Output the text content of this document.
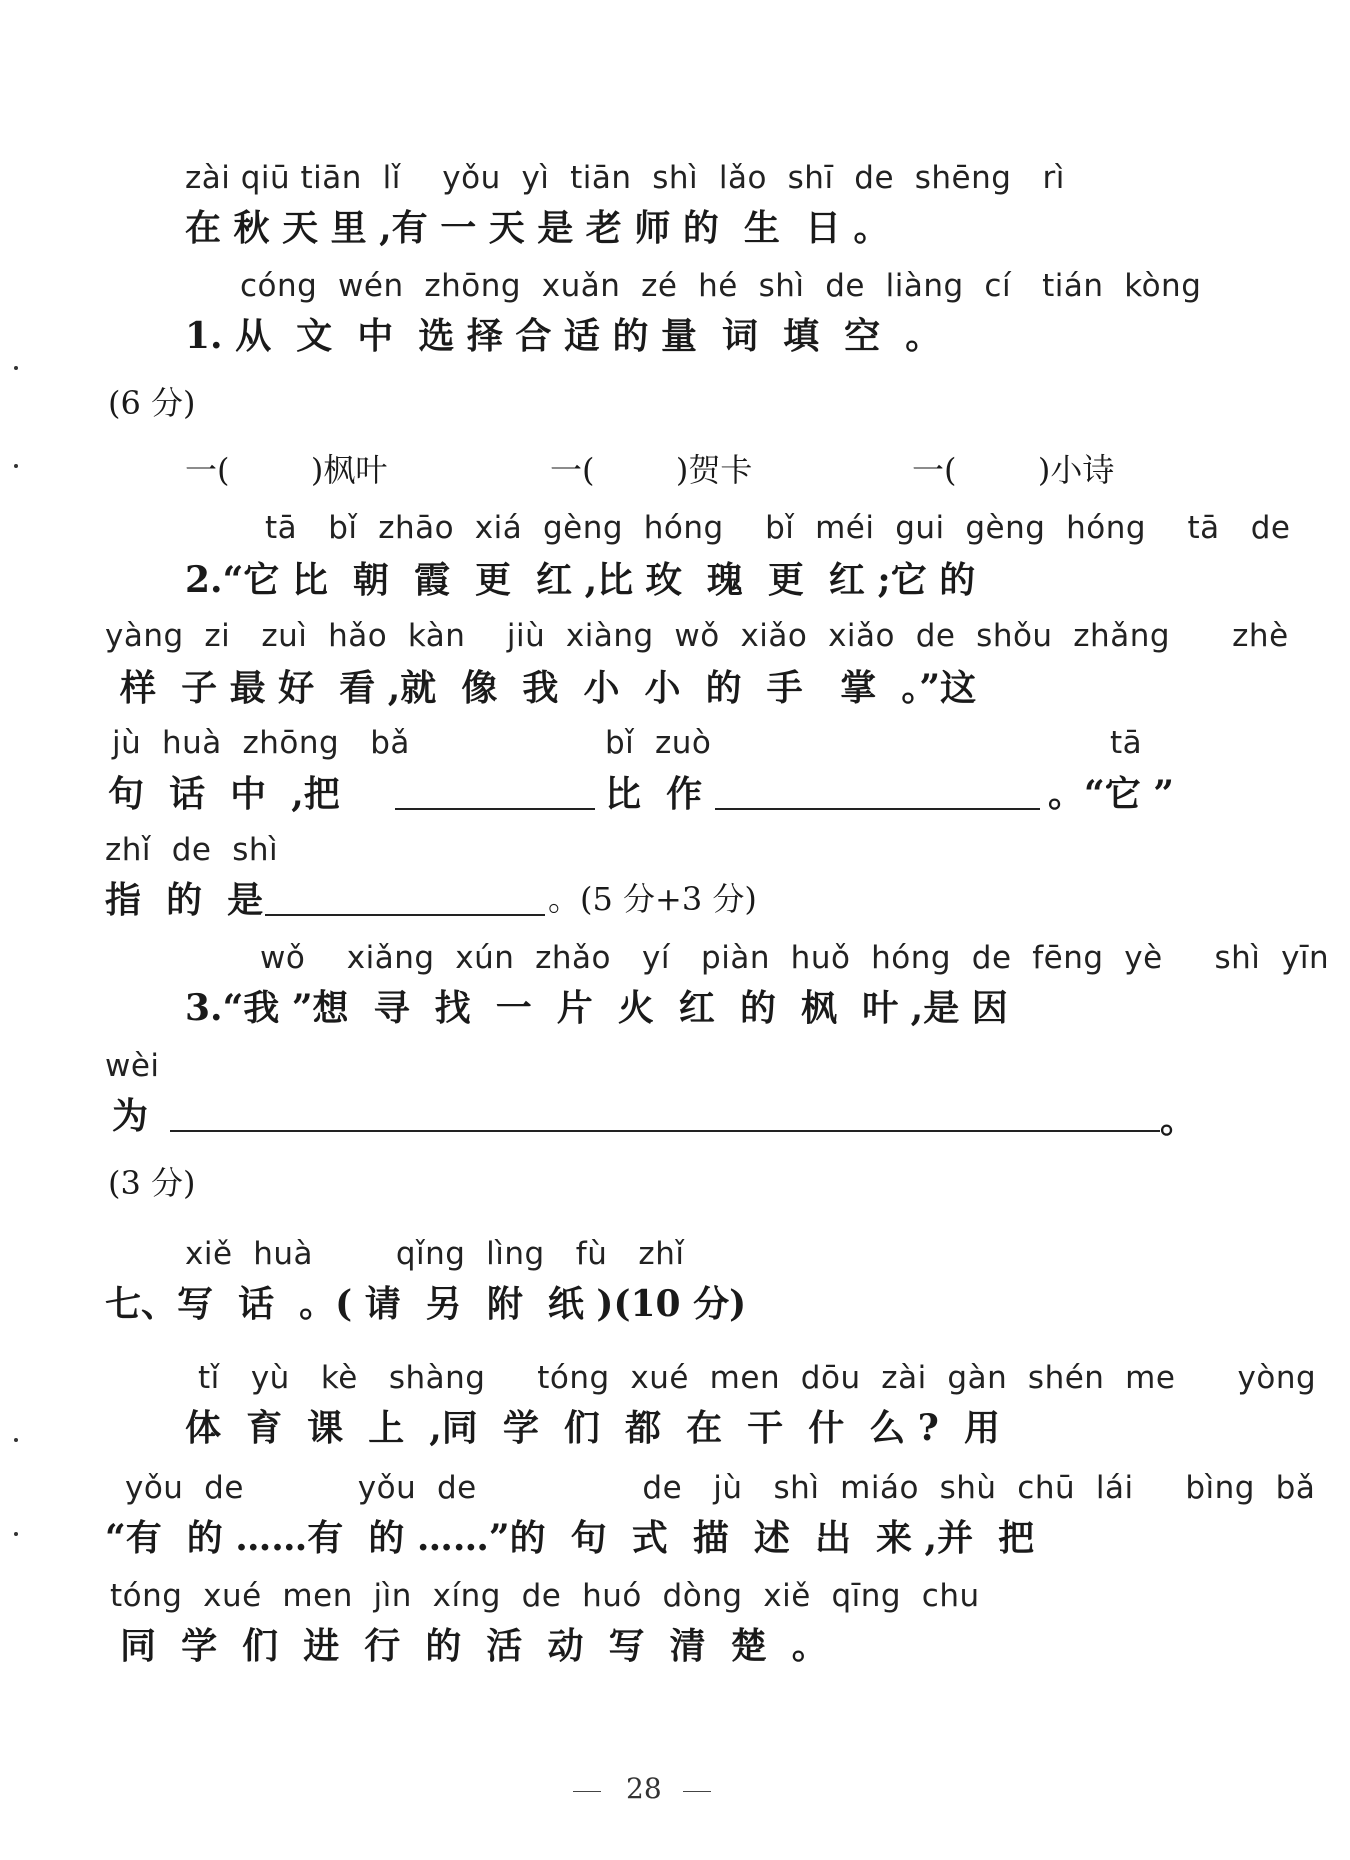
zài qiū tiān  lǐ    yǒu  yì  tiān  shì  lǎo  shī  de  shēng   rì
在 秋 天 里 ,有 一 天 是 老 师 的  生  日 。
cóng  wén  zhōng  xuǎn  zé  hé  shì  de  liàng  cí   tián  kòng
1. 从  文  中  选 择 合 适 的 量  词  填  空  。
(6 分)
一(        )枫叶	一(        )贺卡	一(        )小诗
tā   bǐ  zhāo  xiá  gèng  hóng    bǐ  méi  gui  gèng  hóng    tā   de
2.“它 比  朝  霞  更  红 ,比 玫  瑰  更  红 ;它 的
yàng  zi   zuì  hǎo  kàn    jiù  xiàng  wǒ  xiǎo  xiǎo  de  shǒu  zhǎng      zhè
样  子 最 好  看 ,就  像  我  小  小  的  手   掌  。”这
jù  huà  zhōng   bǎ	bǐ  zuò	tā
句  话  中  ,把	比  作	。“它 ”
zhǐ  de  shì
指  的  是	。(5 分+3 分)
wǒ    xiǎng  xún  zhǎo   yí   piàn  huǒ  hóng  de  fēng  yè     shì  yīn
3.“我 ”想  寻  找  一  片  火  红  的  枫  叶 ,是 因
wèi
为	。
(3 分)
xiě  huà        qǐng  lìng   fù   zhǐ
七、写  话  。( 请  另  附  纸 )(10 分)
tǐ   yù   kè   shàng     tóng  xué  men  dōu  zài  gàn  shén  me      yòng
体  育  课  上  ,同  学  们  都  在  干  什  么 ?  用
yǒu  de           yǒu  de                de   jù   shì  miáo  shù  chū  lái     bìng  bǎ
“有  的 ……有  的 ……”的  句  式  描  述  出  来 ,并  把
tóng  xué  men  jìn  xíng  de  huó  dòng  xiě  qīng  chu
同  学  们  进  行  的  活  动  写  清  楚  。
28
